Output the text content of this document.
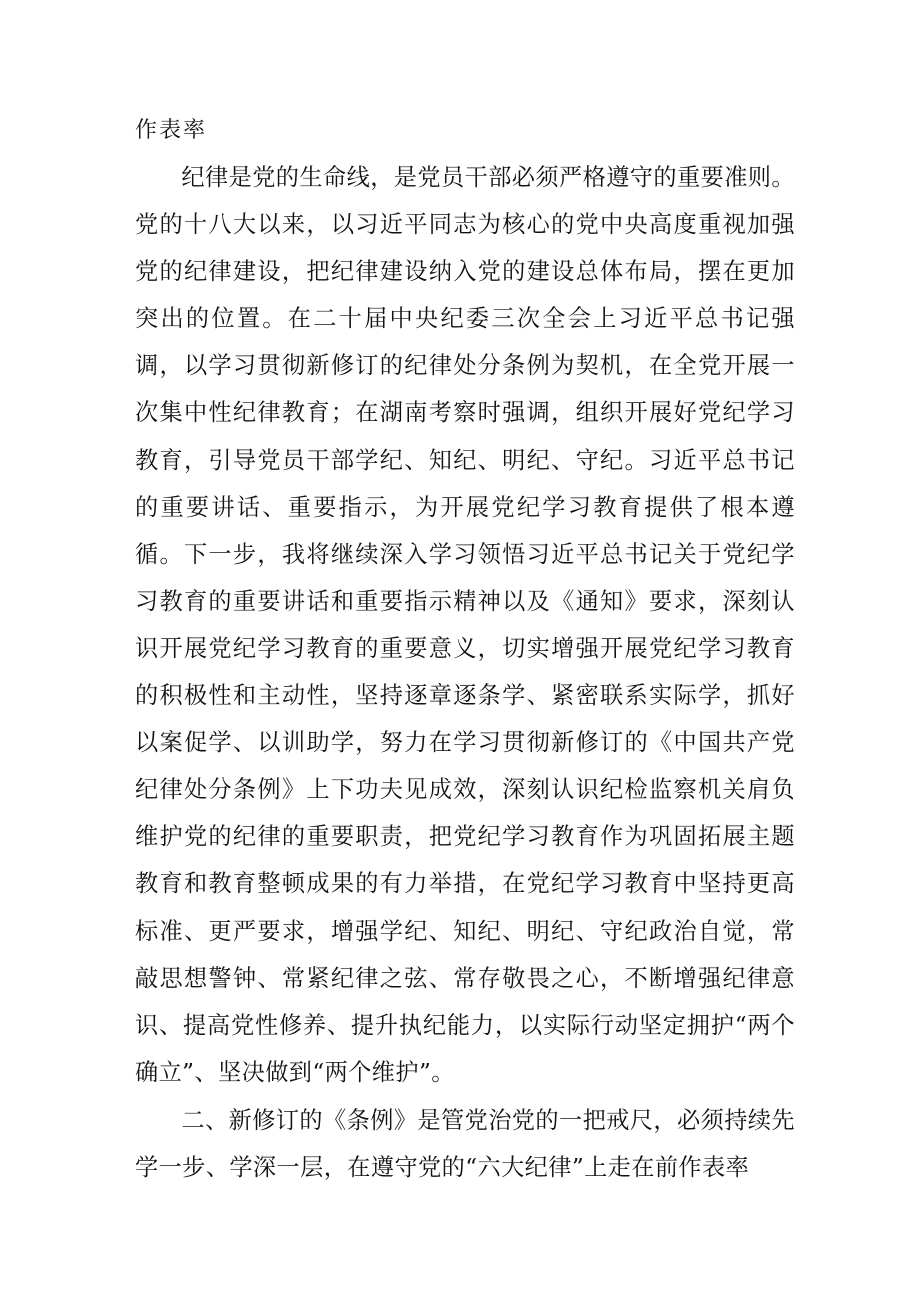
作表率

纪律是党的生命线，是党员干部必须严格遵守的重要准则。党的十八大以来，以习近平同志为核心的党中央高度重视加强党的纪律建设，把纪律建设纳入党的建设总体布局，摆在更加突出的位置。在二十届中央纪委三次全会上习近平总书记强调，以学习贯彻新修订的纪律处分条例为契机，在全党开展一次集中性纪律教育；在湖南考察时强调，组织开展好党纪学习教育，引导党员干部学纪、知纪、明纪、守纪。习近平总书记的重要讲话、重要指示，为开展党纪学习教育提供了根本遵循。下一步，我将继续深入学习领悟习近平总书记关于党纪学习教育的重要讲话和重要指示精神以及《通知》要求，深刻认识开展党纪学习教育的重要意义，切实增强开展党纪学习教育的积极性和主动性，坚持逐章逐条学、紧密联系实际学，抓好以案促学、以训助学，努力在学习贯彻新修订的《中国共产党纪律处分条例》上下功夫见成效，深刻认识纪检监察机关肩负维护党的纪律的重要职责，把党纪学习教育作为巩固拓展主题教育和教育整顿成果的有力举措，在党纪学习教育中坚持更高标准、更严要求，增强学纪、知纪、明纪、守纪政治自觉，常敲思想警钟、常紧纪律之弦、常存敬畏之心，不断增强纪律意识、提高党性修养、提升执纪能力，以实际行动坚定拥护“两个确立”、坚决做到“两个维护”。

二、新修订的《条例》是管党治党的一把戒尺，必须持续先学一步、学深一层，在遵守党的“六大纪律”上走在前作表率
